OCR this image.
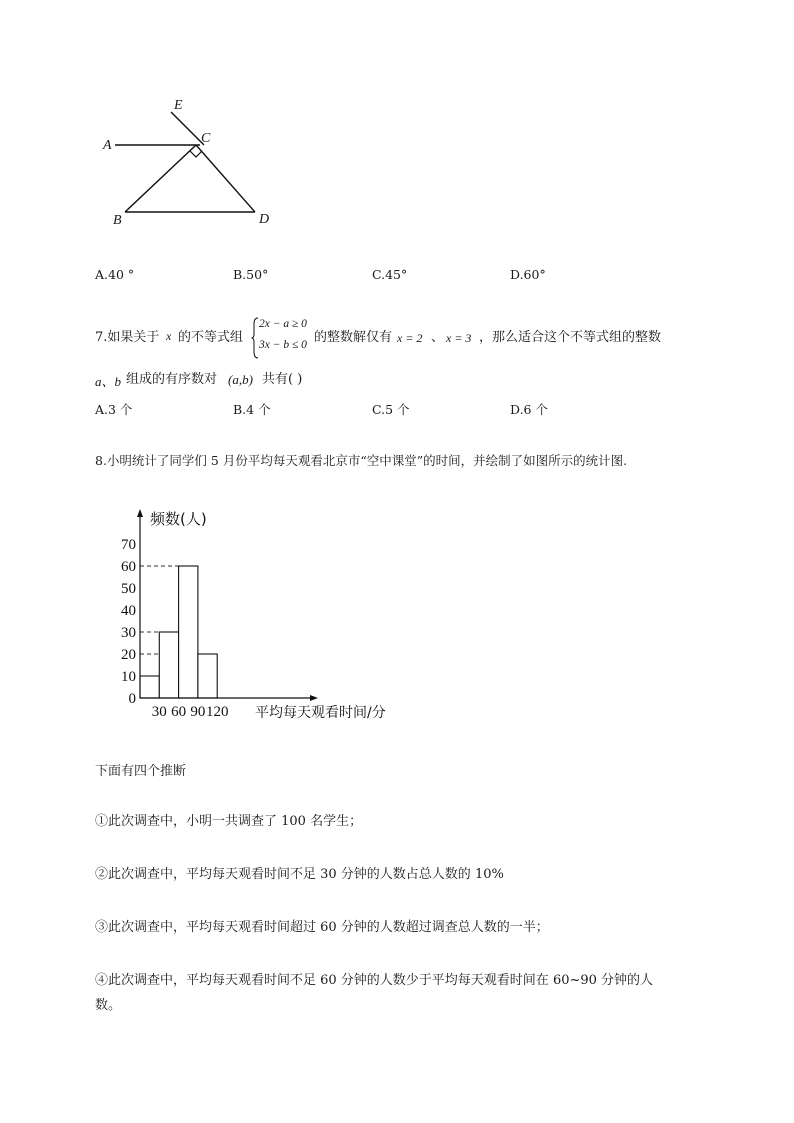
E
C
A
B	D
A.40 °	B.50°	C.45°	D.60°
7.如果关于 x 的不等式组
2x − a ≥ 0
3x − b ≤ 0 的整数解仅有 x = 2 、 x = 3 ，那么适合这个不等式组的整数
a、b 组成的有序数对 (a,b) 共有( )
A.3 个	B.4 个	C.5 个	D.6 个
8.小明统计了同学们 5 月份平均每天观看北京市“空中课堂”的时间，并绘制了如图所示的统计图.
0
10
20
30
40
50
60
70
30 60 90 120
频数(人)
平均每天观看时间/分
下面有四个推断
①此次调查中，小明一共调查了 100 名学生；
②此次调查中，平均每天观看时间不足 30 分钟的人数占总人数的 10%
③此次调查中，平均每天观看时间超过 60 分钟的人数超过调查总人数的一半；
④此次调查中，平均每天观看时间不足 60 分钟的人数少于平均每天观看时间在 60~90 分钟的人
数。
